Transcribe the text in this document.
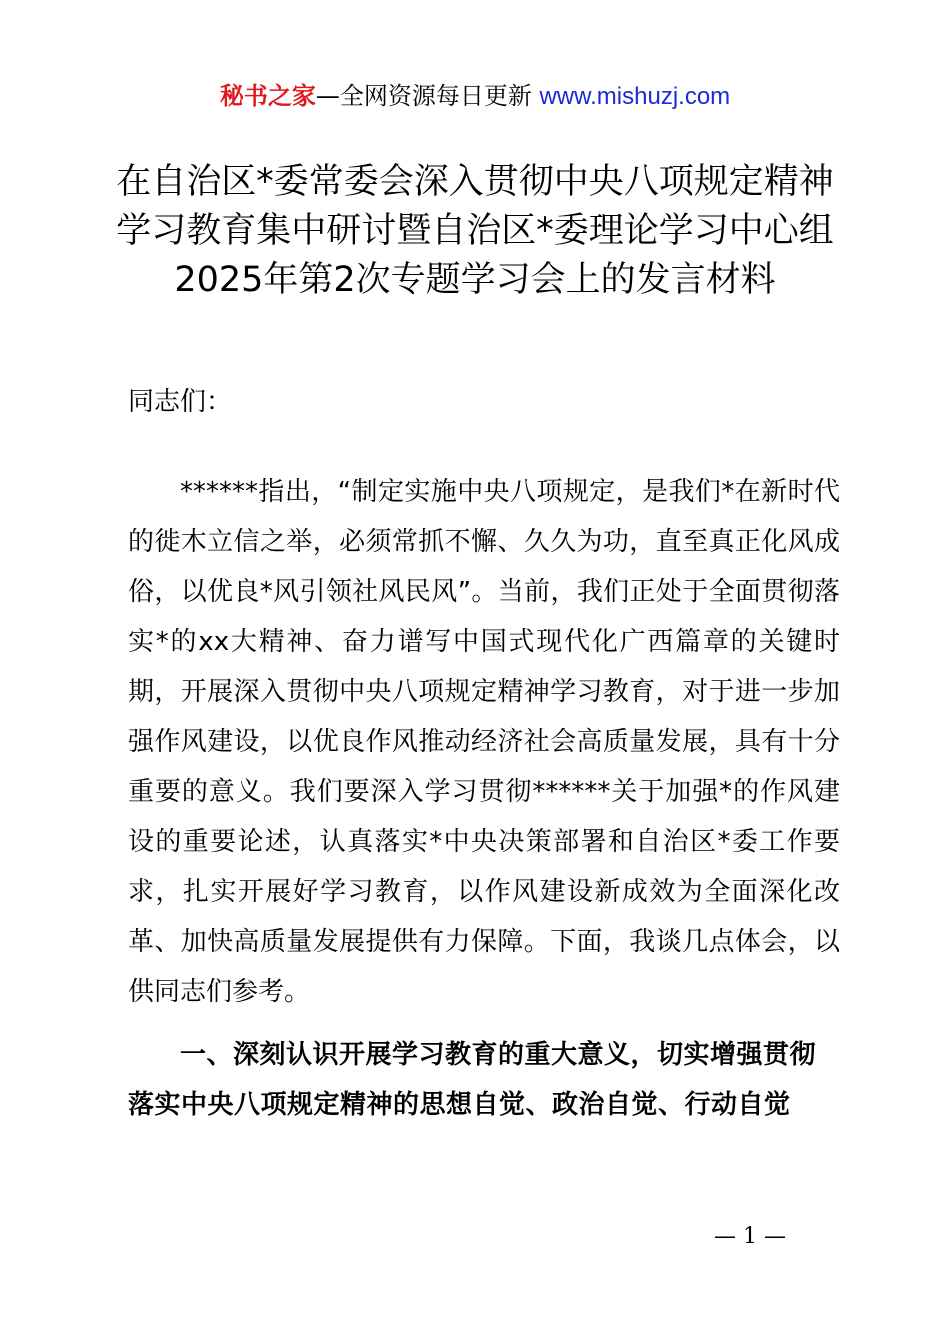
秘书之家—全网资源每日更新 www.mishuzj.com
在自治区*委常委会深入贯彻中央八项规定精神学习教育集中研讨暨自治区*委理论学习中心组2025年第2次专题学习会上的发言材料

同志们：

******指出，“制定实施中央八项规定，是我们*在新时代的徙木立信之举，必须常抓不懈、久久为功，直至真正化风成俗，以优良*风引领社风民风”。当前，我们正处于全面贯彻落实*的xx大精神、奋力谱写中国式现代化广西篇章的关键时期，开展深入贯彻中央八项规定精神学习教育，对于进一步加强作风建设，以优良作风推动经济社会高质量发展，具有十分重要的意义。我们要深入学习贯彻******关于加强*的作风建设的重要论述，认真落实*中央决策部署和自治区*委工作要求，扎实开展好学习教育，以作风建设新成效为全面深化改革、加快高质量发展提供有力保障。下面，我谈几点体会，以供同志们参考。

一、深刻认识开展学习教育的重大意义，切实增强贯彻落实中央八项规定精神的思想自觉、政治自觉、行动自觉

— 1 —
